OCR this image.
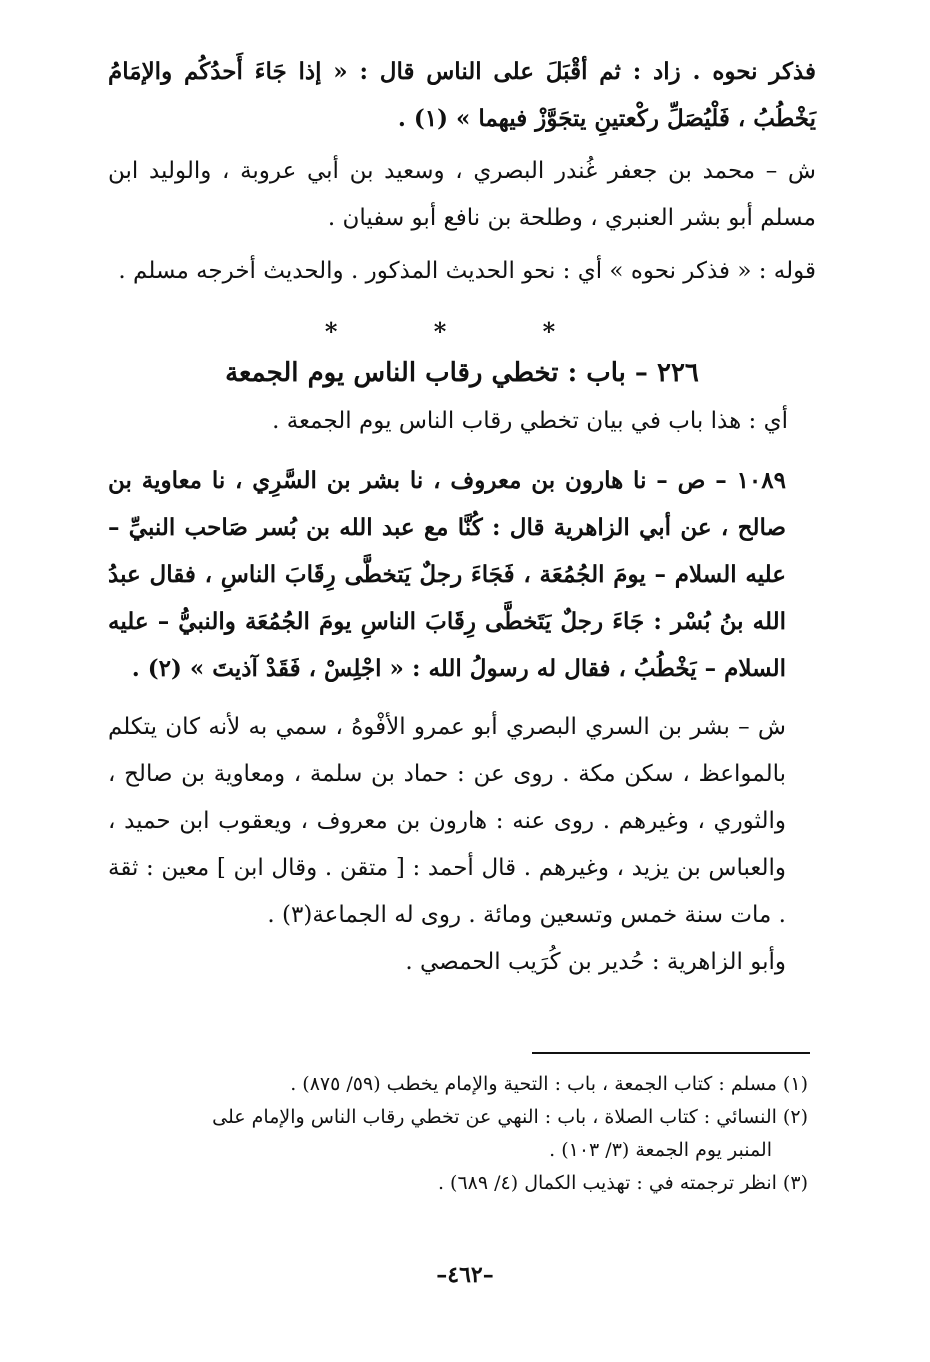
فذكر نحوه . زاد : ثم أقْبَلَ على الناس قال : « إذا جَاءَ أَحدُكُم والإمَامُ يَخْطُبُ ، فَلْيُصَلِّ ركْعتينِ يتجَوَّزْ فيهما » (١) .

ش – محمد بن جعفر غُندر البصري ، وسعيد بن أبي عروبة ، والوليد ابن مسلم أبو بشر العنبري ، وطلحة بن نافع أبو سفيان .

قوله : « فذكر نحوه » أي : نحو الحديث المذكور . والحديث أخرجه مسلم .

* * *
٢٢٦ – باب : تخطي رقاب الناس يوم الجمعة

أي : هذا باب في بيان تخطي رقاب الناس يوم الجمعة .

١٠٨٩ – ص – نا هارون بن معروف ، نا بشر بن السَّرِي ، نا معاوية بن صالح ، عن أبي الزاهرية قال : كُنَّا مع عبد الله بن بُسر صَاحب النبيِّ – عليه السلام – يومَ الجُمُعَة ، فَجَاءَ رجلٌ يَتخطَّى رِقَابَ الناسِ ، فقال عبدُ الله بنُ بُسْر : جَاءَ رجلٌ يَتَخطَّى رِقَابَ الناسِ يومَ الجُمُعَة والنبيُّ – عليه السلام – يَخْطُبُ ، فقال له رسولُ الله : « اجْلِسْ ، فَقَدْ آذيتَ » (٢) .

ش – بشر بن السري البصري أبو عمرو الأفْوهُ ، سمي به لأنه كان يتكلم بالمواعظ ، سكن مكة . روى عن : حماد بن سلمة ، ومعاوية بن صالح ، والثوري ، وغيرهم . روى عنه : هارون بن معروف ، ويعقوب ابن حميد ، والعباس بن يزيد ، وغيرهم . قال أحمد : [ متقن . وقال ابن ] معين : ثقة . مات سنة خمس وتسعين ومائة . روى له الجماعة(٣) .

وأبو الزاهرية : حُدير بن كُرَيب الحمصي .

(١) مسلم : كتاب الجمعة ، باب : التحية والإمام يخطب (٥٩/ ٨٧٥) .

(٢) النسائي : كتاب الصلاة ، باب : النهي عن تخطي رقاب الناس والإمام على

المنبر يوم الجمعة (٣/ ١٠٣) .

(٣) انظر ترجمته في : تهذيب الكمال (٤/ ٦٨٩) .

–٤٦٢–
